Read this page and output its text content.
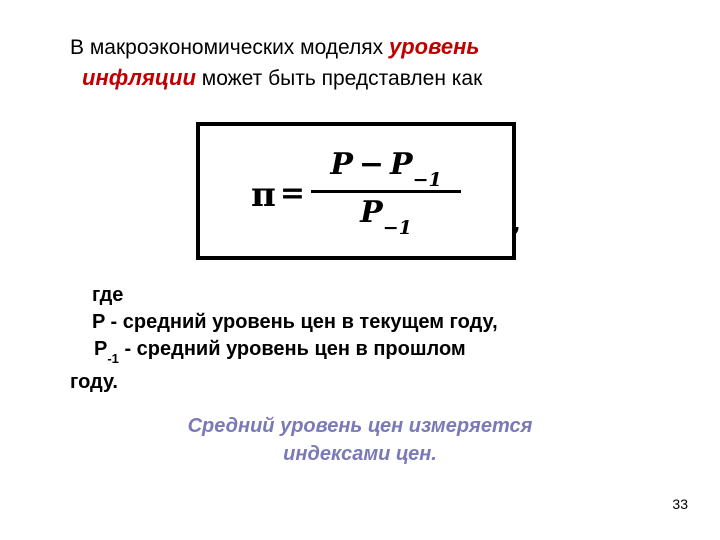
В макроэкономических моделях уровень
инфляции может быть представлен как
$\pi = \frac{P - P_{-1}}{P_{-1}}$ ,
где
P - средний уровень цен в текущем году,
$P_{-1}$ - средний уровень цен в прошлом
году.
Средний уровень цен измеряется
индексами цен.
33
